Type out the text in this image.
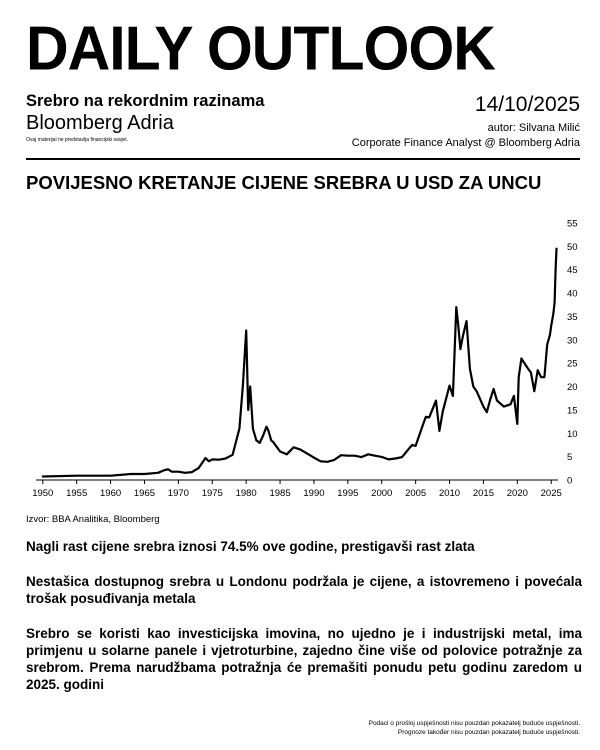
DAILY OUTLOOK
Srebro na rekordnim razinama
Bloomberg Adria
Ovaj materijal ne predstavlja financijski savjet.
14/10/2025
autor: Silvana Milić
Corporate Finance Analyst @ Bloomberg Adria
POVIJESNO KRETANJE CIJENE SREBRA U USD ZA UNCU
1950 1955 1960 1965 1970 1975 1980 1985 1990 1995 2000 2005 2010 2015 2020 2025
0
5
10
15
20
25
30
35
40
45
50
55
Izvor: BBA Analitika, Bloomberg
Nagli rast cijene srebra iznosi 74.5% ove godine, prestigavši rast zlata
Nestašica dostupnog srebra u Londonu podržala je cijene, a istovremeno i povećala trošak posuđivanja metala
Srebro se koristi kao investicijska imovina, no ujedno je i industrijski metal, ima primjenu u solarne panele i vjetroturbine, zajedno čine više od polovice potražnje za srebrom. Prema narudžbama potražnja će premašiti ponudu petu godinu zaredom u 2025. godini
Podaci o prošloj uspješnosti nisu pouzdan pokazatelj buduće uspješnosti.
Prognoze također nisu pouzdan pokazatelj buduće uspješnosti.
